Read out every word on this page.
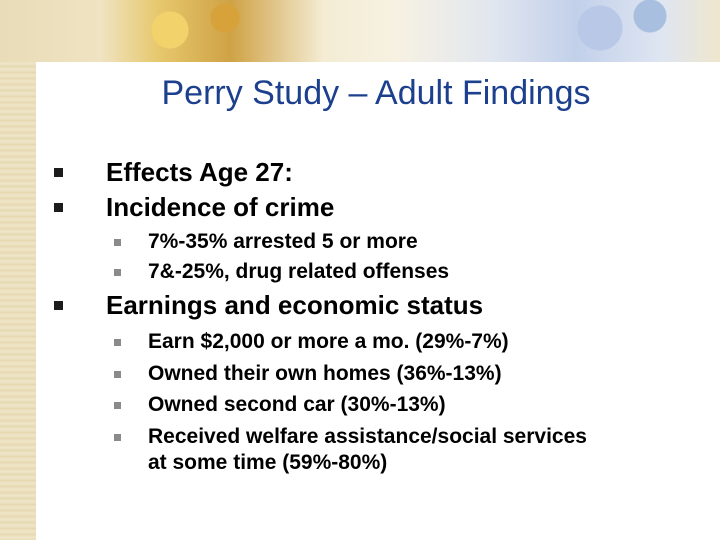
Perry Study – Adult Findings
Effects Age 27:
Incidence of crime
7%-35% arrested 5 or more
7&-25%, drug related offenses
Earnings and economic status
Earn $2,000 or more a mo. (29%-7%)
Owned their own homes (36%-13%)
Owned second car (30%-13%)
Received welfare assistance/social services
at some time (59%-80%)
